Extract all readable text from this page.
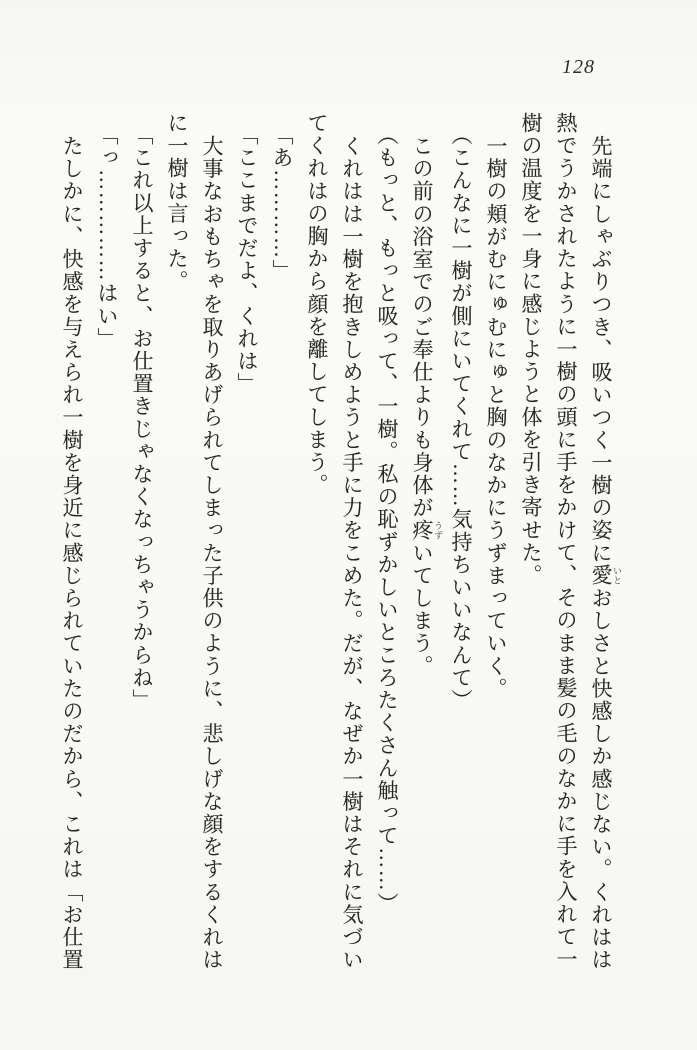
128

先端にしゃぶりつき、吸いつく一樹の姿に愛 いとおしさと快感しか感じない。くれはは

熱でうかされたように一樹の頭に手をかけて、そのまま髪の毛のなかに手を入れて一

樹の温度を一身に感じようと体を引き寄せた。

一樹の頬がむにゅむにゅと胸のなかにうずまっていく。

（こんなに一樹が側にいてくれて……気持ちいいなんて）

この前の浴室でのご奉仕よりも身体が疼 うずいてしまう。

（もっと、もっと吸って、一樹。私の恥ずかしいところたくさん触って……）

くれはは一樹を抱きしめようと手に力をこめた。だが、なぜか一樹はそれに気づい

てくれはの胸から顔を離してしまう。

「あ…………」

「ここまでだよ、くれは」

大事なおもちゃを取りあげられてしまった子供のように、悲しげな顔をするくれは

に一樹は言った。

「これ以上すると、お仕置きじゃなくなっちゃうからね」

「っ……………はい」

たしかに、快感を与えられ一樹を身近に感じられていたのだから、これは「お仕置
